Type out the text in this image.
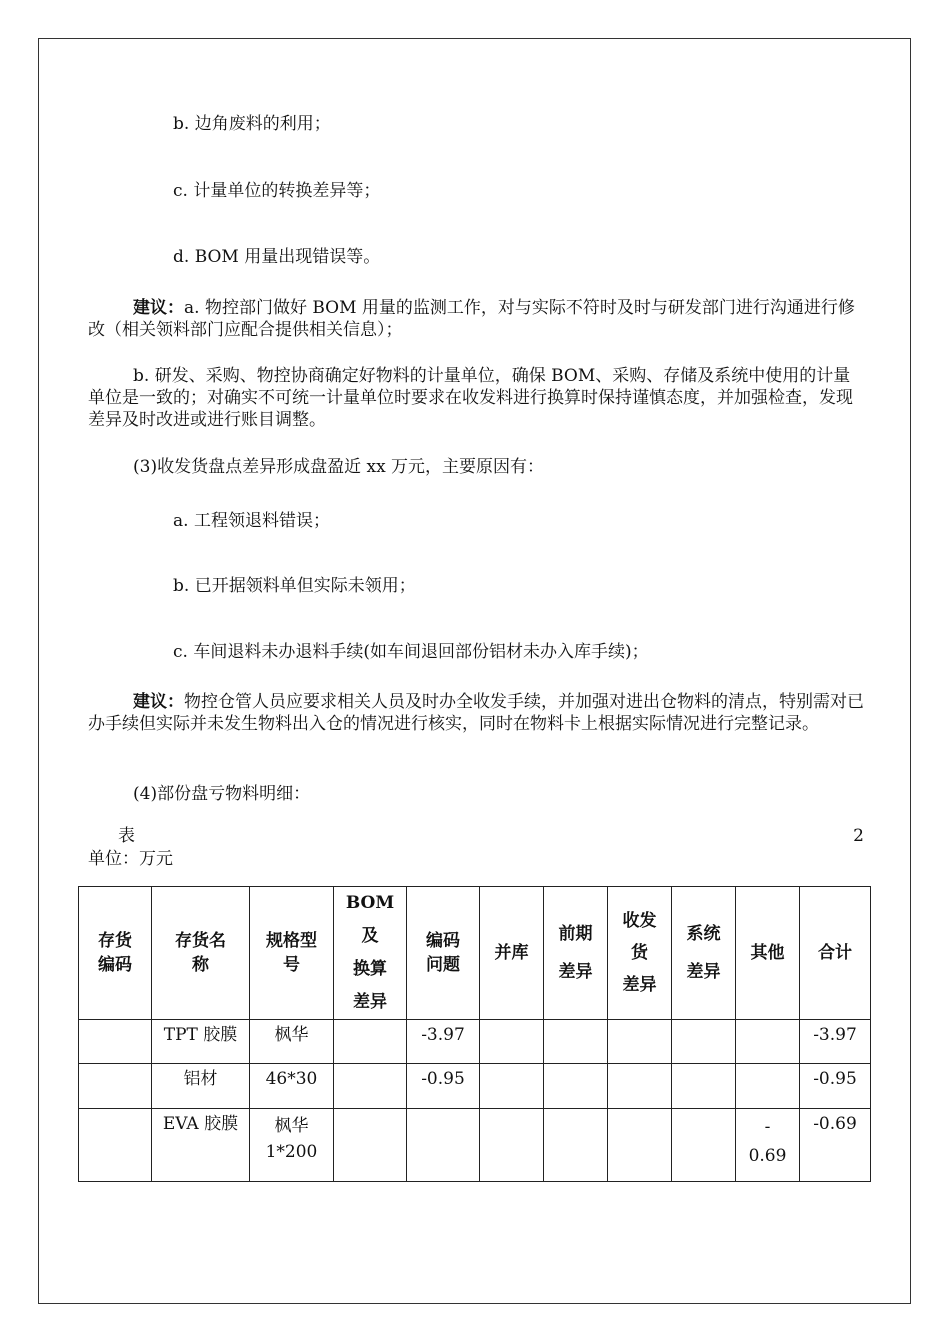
b. 边角废料的利用；

c. 计量单位的转换差异等；

d. BOM 用量出现错误等。

建议：a. 物控部门做好 BOM 用量的监测工作，对与实际不符时及时与研发部门进行沟通进行修改（相关领料部门应配合提供相关信息）；

b. 研发、采购、物控协商确定好物料的计量单位，确保 BOM、采购、存储及系统中使用的计量单位是一致的；对确实不可统一计量单位时要求在收发料进行换算时保持谨慎态度，并加强检查，发现差异及时改进或进行账目调整。

(3)收发货盘点差异形成盘盈近 xx 万元，主要原因有：

a. 工程领退料错误；

b. 已开据领料单但实际未领用；

c. 车间退料未办退料手续(如车间退回部份铝材未办入库手续)；

建议：物控仓管人员应要求相关人员及时办全收发手续，并加强对进出仓物料的清点，特别需对已办手续但实际并未发生物料出入仓的情况进行核实，同时在物料卡上根据实际情况进行完整记录。

(4)部份盘亏物料明细：

表	2

单位：万元

存货
编码	存货名
称	规格型
号	BOM 及
换算
差异	编码
问题	并库	前期
差异	收发
货
差异	系统
差异	其他	合计
	TPT 胶膜	枫华		-3.97						-3.97
	铝材	46*30		-0.95						-0.95
	EVA 胶膜	枫华
1*200							-
0.69	-0.69
